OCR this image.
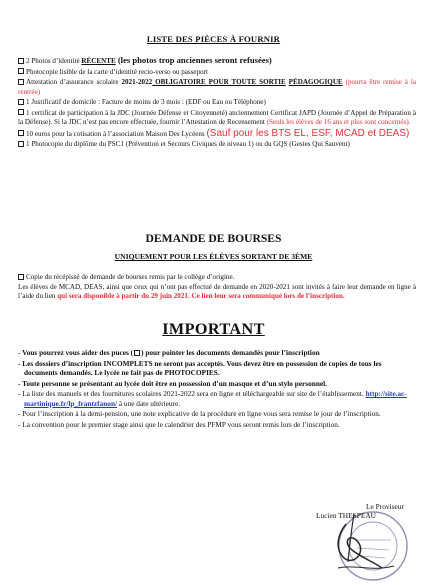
LISTE DES PIÈCES À FOURNIR
2 Photos d’identité RÉCENTE (les photos trop anciennes seront refusées)
Photocopie lisible de la carte d’identité recto-verso ou passeport
Attestation d’assurance scolaire 2021-2022 OBLIGATOIRE POUR TOUTE SORTIE PÉDAGOGIQUE (pourra être remise à la rentrée)
1 Justificatif de domicile : Facture de moins de 3 mois : (EDF ou Eau ou Téléphone)
1 certificat de participation à la JDC (Journée Défense et Citoyenneté) anciennement Certificat JAPD (Journée d’Appel de Préparation à la Défense). Si la JDC n’est pas encore effectuée, fournir l’Attestation de Recensement (Seuls les élèves de 16 ans et plus sont concernés).
10 euros pour la cotisation à l’association Maison Des Lycéens (Sauf pour les BTS EL, ESF, MCAD et DEAS)
1 Photocopie du diplôme du PSC1 (Prévention et Secours Civiques de niveau 1) ou du GQS (Gestes Qui Sauvent)
DEMANDE DE BOURSES
UNIQUEMENT POUR LES ÉLÈVES SORTANT DE 3ÈME
Copie du récépissé de demande de bourses remis par le collège d’origine.
Les élèves de MCAD, DEAS, ainsi que ceux qui n’ont pas effectué de demande en 2020-2021 sont invités à faire leur demande en ligne à l’aide du lien qui sera disponible à partir du 29 juin 2021. Ce lien leur sera communiqué lors de l’inscription.
IMPORTANT
- Vous pourrez vous aider des puces ( ) pour pointer les documents demandés pour l’inscription
- Les dossiers d’inscription INCOMPLETS ne seront pas acceptés. Vous devez être en possession de copies de tous les documents demandés. Le lycée ne fait pas de PHOTOCOPIES.
- Toute personne se présentant au lycée doit être en possession d’un masque et d’un stylo personnel.
- La liste des manuels et des fournitures scolaires 2021-2022 sera en ligne et téléchargeable sur site de l’établissement. http://site.ac-martinique.fr/lp_frantzfanon/ à une date ultérieure.
- Pour l’inscription à la demi-pension, une note explicative de la procédure en ligne vous sera remise le jour de l’inscription.
- La convention pour le premier stage ainsi que le calendrier des PFMP vous seront remis lors de l’inscription.
Le Proviseur
Lucien THESPEAU
